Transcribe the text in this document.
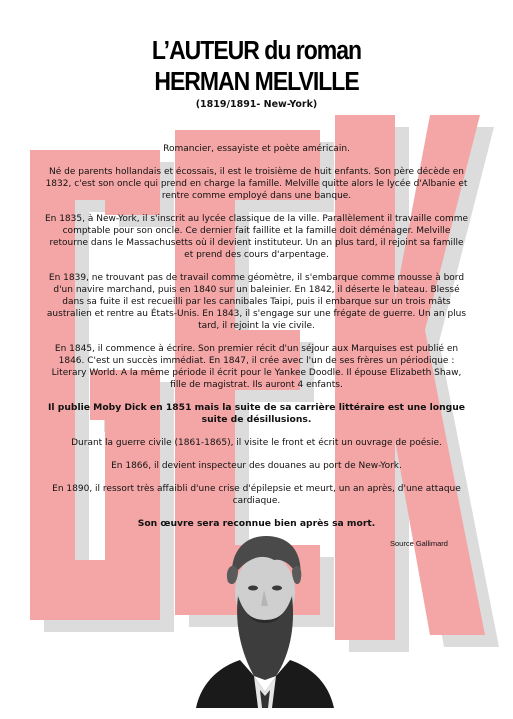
L’AUTEUR du roman
HERMAN MELVILLE
(1819/1891- New-York)

Romancier, essayiste et poète américain.

Né de parents hollandais et écossais, il est le troisième de huit enfants. Son père décède en 1832, c'est son oncle qui prend en charge la famille. Melville quitte alors le lycée d'Albanie et rentre comme employé dans une banque.

En 1835, à New-York, il s'inscrit au lycée classique de la ville. Parallèlement il travaille comme comptable pour son oncle. Ce dernier fait faillite et la famille doit déménager. Melville retourne dans le Massachusetts où il devient instituteur. Un an plus tard, il rejoint sa famille et prend des cours d'arpentage.

En 1839, ne trouvant pas de travail comme géomètre, il s'embarque comme mousse à bord d'un navire marchand, puis en 1840 sur un baleinier. En 1842, il déserte le bateau. Blessé dans sa fuite il est recueilli par les cannibales Taipi, puis il embarque sur un trois mâts australien et rentre au États-Unis. En 1843, il s'engage sur une frégate de guerre. Un an plus tard, il rejoint la vie civile.

En 1845, il commence à écrire. Son premier récit d'un séjour aux Marquises est publié en 1846. C'est un succès immédiat. En 1847, il crée avec l'un de ses frères un périodique : Literary World. A la même période il écrit pour le Yankee Doodle. Il épouse Elizabeth Shaw, fille de magistrat. Ils auront 4 enfants.

Il publie Moby Dick en 1851 mais la suite de sa carrière littéraire est une longue suite de désillusions.

Durant la guerre civile (1861-1865), il visite le front et écrit un ouvrage de poésie.

En 1866, il devient inspecteur des douanes au port de New-York.

En 1890, il ressort très affaibli d'une crise d'épilepsie et meurt, un an après, d'une attaque cardiaque.

Son œuvre sera reconnue bien après sa mort.

Source Gallimard
